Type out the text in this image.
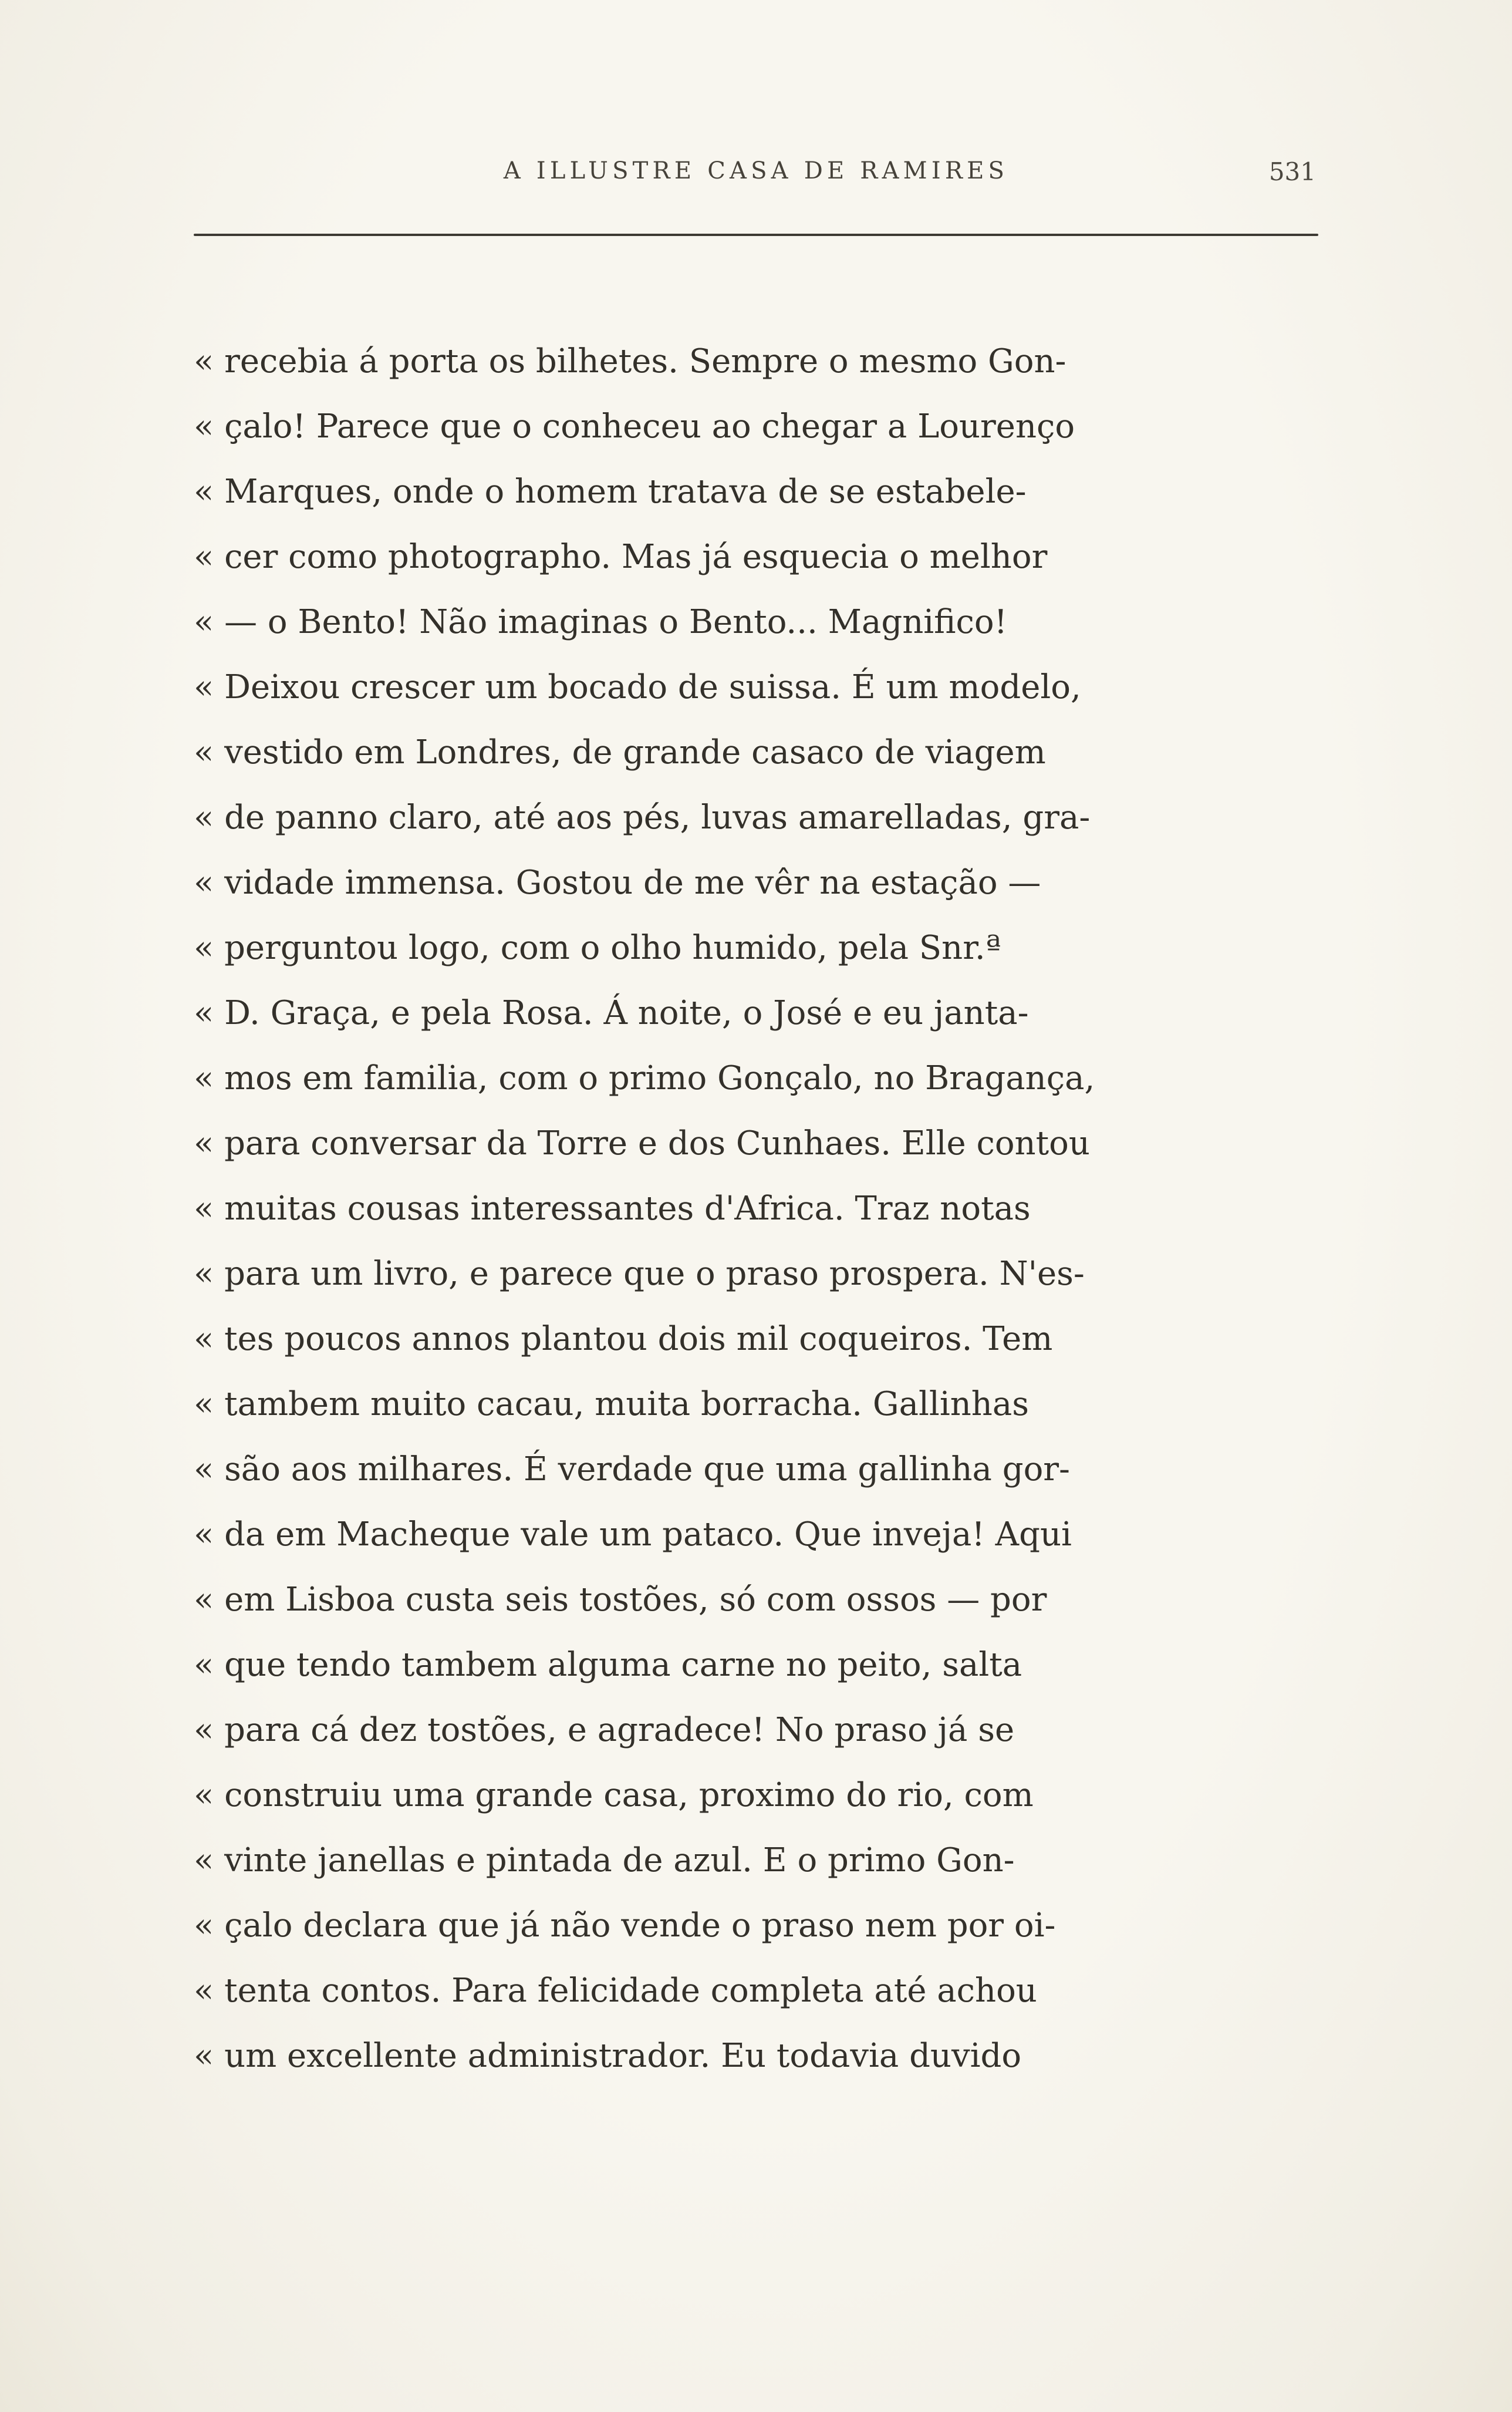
A ILLUSTRE CASA DE RAMIRES	531
« recebia á porta os bilhetes. Sempre o mesmo Gon-
« çalo! Parece que o conheceu ao chegar a Lourenço
« Marques, onde o homem tratava de se estabele-
« cer como photographo. Mas já esquecia o melhor
« — o Bento! Não imaginas o Bento... Magnifico!
« Deixou crescer um bocado de suissa. É um modelo,
« vestido em Londres, de grande casaco de viagem
« de panno claro, até aos pés, luvas amarelladas, gra-
« vidade immensa. Gostou de me vêr na estação —
« perguntou logo, com o olho humido, pela Snr.ª
« D. Graça, e pela Rosa. Á noite, o José e eu janta-
« mos em familia, com o primo Gonçalo, no Bragança,
« para conversar da Torre e dos Cunhaes. Elle contou
« muitas cousas interessantes d'Africa. Traz notas
« para um livro, e parece que o praso prospera. N'es-
« tes poucos annos plantou dois mil coqueiros. Tem
« tambem muito cacau, muita borracha. Gallinhas
« são aos milhares. É verdade que uma gallinha gor-
« da em Macheque vale um pataco. Que inveja! Aqui
« em Lisboa custa seis tostões, só com ossos — por
« que tendo tambem alguma carne no peito, salta
« para cá dez tostões, e agradece! No praso já se
« construiu uma grande casa, proximo do rio, com
« vinte janellas e pintada de azul. E o primo Gon-
« çalo declara que já não vende o praso nem por oi-
« tenta contos. Para felicidade completa até achou
« um excellente administrador. Eu todavia duvido
